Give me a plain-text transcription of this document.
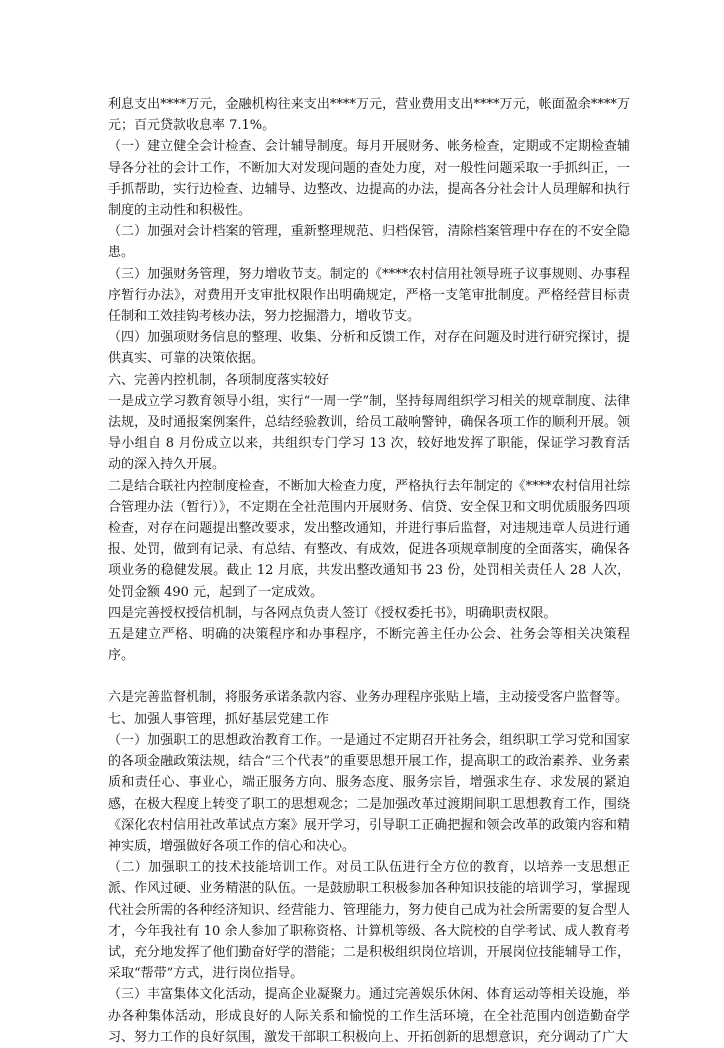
利息支出****万元，金融机构往来支出****万元，营业费用支出****万元，帐面盈余****万元；百元贷款收息率 7.1%。

（一）建立健全会计检查、会计辅导制度。每月开展财务、帐务检查，定期或不定期检查辅导各分社的会计工作，不断加大对发现问题的查处力度，对一般性问题采取一手抓纠正，一手抓帮助，实行边检查、边辅导、边整改、边提高的办法，提高各分社会计人员理解和执行制度的主动性和积极性。

（二）加强对会计档案的管理，重新整理规范、归档保管，清除档案管理中存在的不安全隐患。

（三）加强财务管理，努力增收节支。制定的《****农村信用社领导班子议事规则、办事程序暂行办法》，对费用开支审批权限作出明确规定，严格一支笔审批制度。严格经营目标责任制和工效挂钩考核办法，努力挖掘潜力，增收节支。

（四）加强项财务信息的整理、收集、分析和反馈工作，对存在问题及时进行研究探讨，提供真实、可靠的决策依据。

六、完善内控机制，各项制度落实较好

一是成立学习教育领导小组，实行“一周一学”制，坚持每周组织学习相关的规章制度、法律法规，及时通报案例案件，总结经验教训，给员工敲响警钟，确保各项工作的顺利开展。领导小组自 8 月份成立以来，共组织专门学习 13 次，较好地发挥了职能，保证学习教育活动的深入持久开展。

二是结合联社内控制度检查，不断加大检查力度，严格执行去年制定的《****农村信用社综合管理办法（暂行）》，不定期在全社范围内开展财务、信贷、安全保卫和文明优质服务四项检查，对存在问题提出整改要求，发出整改通知，并进行事后监督，对违规违章人员进行通报、处罚，做到有记录、有总结、有整改、有成效，促进各项规章制度的全面落实，确保各项业务的稳健发展。截止 12 月底，共发出整改通知书 23 份，处罚相关责任人 28 人次，处罚金额 490 元，起到了一定成效。

四是完善授权授信机制，与各网点负责人签订《授权委托书》，明确职责权限。

五是建立严格、明确的决策程序和办事程序，不断完善主任办公会、社务会等相关决策程序。

六是完善监督机制，将服务承诺条款内容、业务办理程序张贴上墙，主动接受客户监督等。

七、加强人事管理，抓好基层党建工作

（一）加强职工的思想政治教育工作。一是通过不定期召开社务会，组织职工学习党和国家的各项金融政策法规，结合“三个代表”的重要思想开展工作，提高职工的政治素养、业务素质和责任心、事业心，端正服务方向、服务态度、服务宗旨，增强求生存、求发展的紧迫感，在极大程度上转变了职工的思想观念；二是加强改革过渡期间职工思想教育工作，围绕《深化农村信用社改革试点方案》展开学习，引导职工正确把握和领会改革的政策内容和精神实质，增强做好各项工作的信心和决心。

（二）加强职工的技术技能培训工作。对员工队伍进行全方位的教育，以培养一支思想正派、作风过硬、业务精湛的队伍。一是鼓励职工积极参加各种知识技能的培训学习，掌握现代社会所需的各种经济知识、经营能力、管理能力，努力使自己成为社会所需要的复合型人才，今年我社有 10 余人参加了职称资格、计算机等级、各大院校的自学考试、成人教育考试，充分地发挥了他们勤奋好学的潜能；二是积极组织岗位培训，开展岗位技能辅导工作，采取“帮带”方式，进行岗位指导。

（三）丰富集体文化活动，提高企业凝聚力。通过完善娱乐休闲、体育运动等相关设施，举办各种集体活动，形成良好的人际关系和愉悦的工作生活环境，在全社范围内创造勤奋学习、努力工作的良好氛围，激发干部职工积极向上、开拓创新的思想意识，充分调动了广大
